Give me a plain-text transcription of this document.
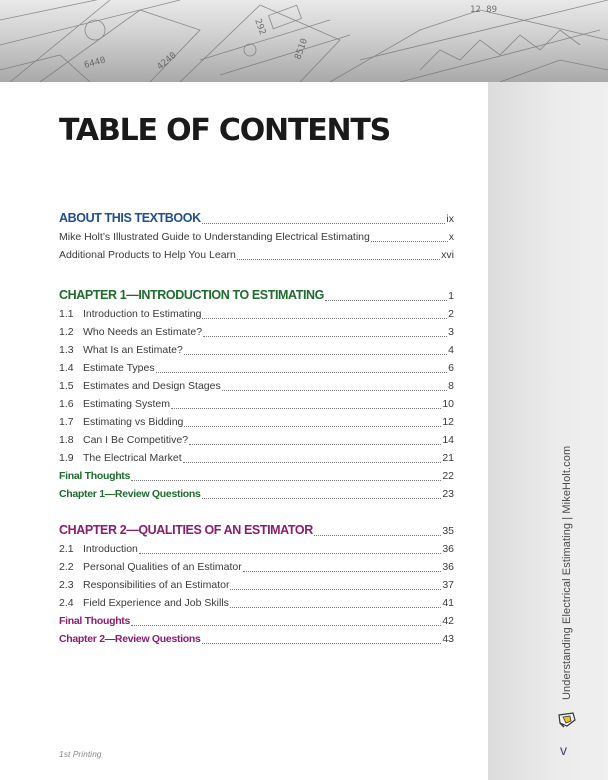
6440	4240
8510
292
12 89
TABLE OF CONTENTS
ABOUT THIS TEXTBOOK	ix
Mike Holt’s Illustrated Guide to Understanding Electrical Estimating	x
Additional Products to Help You Learn	xvi
CHAPTER 1—INTRODUCTION TO ESTIMATING	1
1.1 Introduction to Estimating	2
1.2 Who Needs an Estimate?	3
1.3 What Is an Estimate?	4
1.4 Estimate Types	6
1.5 Estimates and Design Stages	8
1.6 Estimating System	10
1.7 Estimating vs Bidding	12
1.8 Can I Be Competitive?	14
1.9 The Electrical Market	21
Final Thoughts	22
Chapter 1—Review Questions	23
CHAPTER 2—QUALITIES OF AN ESTIMATOR	35
2.1 Introduction	36
2.2 Personal Qualities of an Estimator	36
2.3 Responsibilities of an Estimator	37
2.4 Field Experience and Job Skills	41
Final Thoughts	42
Chapter 2—Review Questions	43	Understanding Electrical Estimating | MikeHolt.com
v
1st Printing
